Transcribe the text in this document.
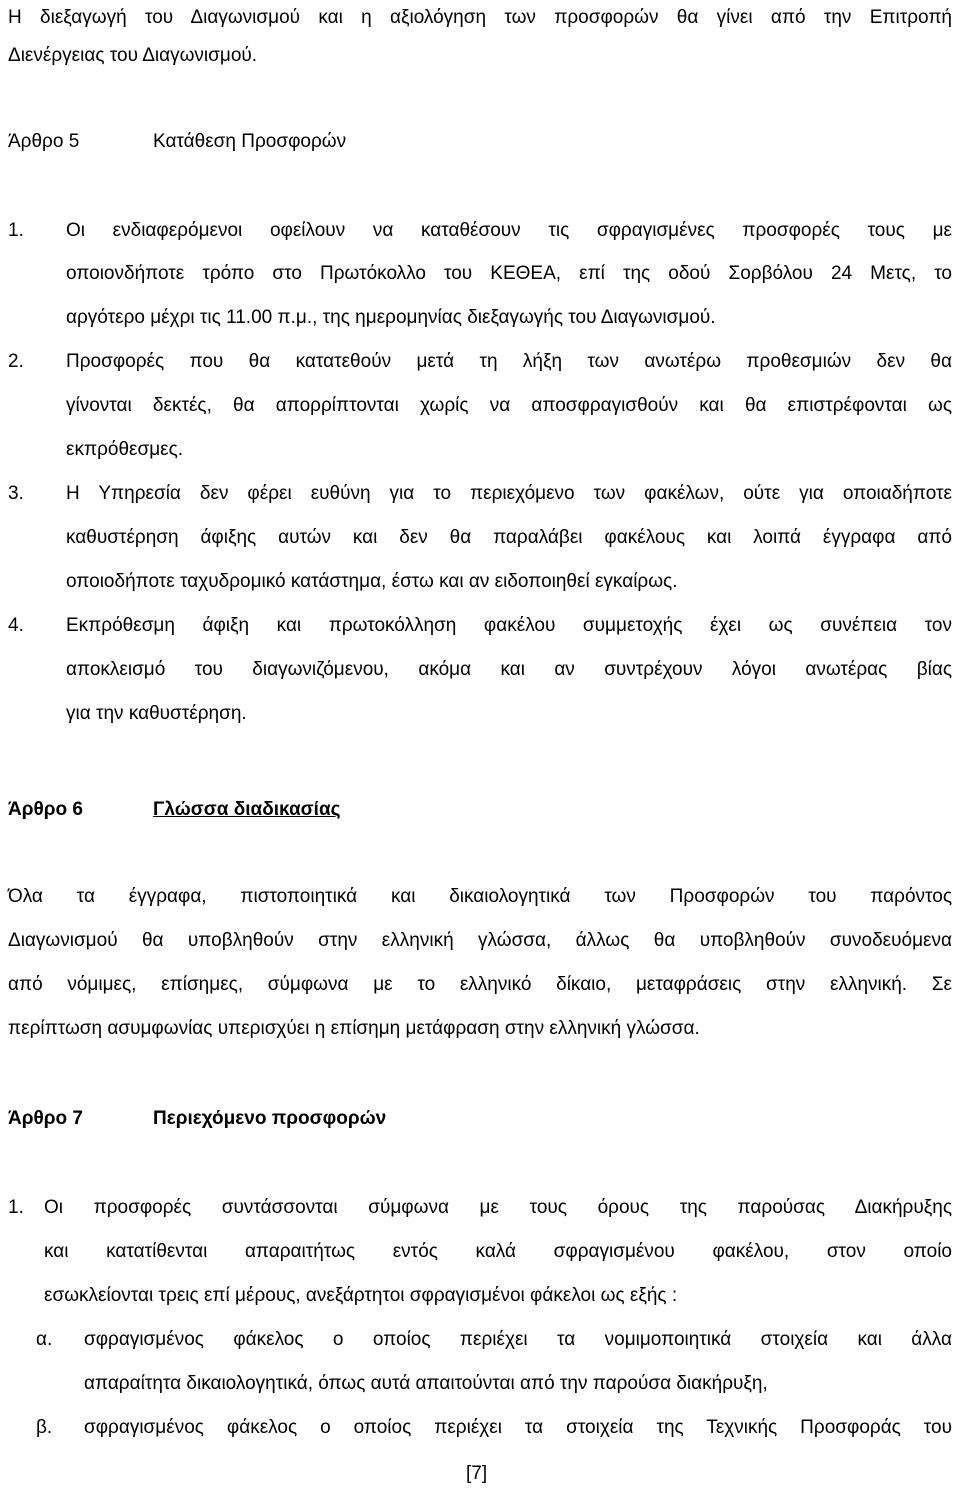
Η διεξαγωγή του Διαγωνισμού και η αξιολόγηση των προσφορών θα γίνει από την Επιτροπή
Διενέργειας του Διαγωνισμού.
Άρθρο 5	Κατάθεση Προσφορών
1. Οι ενδιαφερόμενοι οφείλουν να καταθέσουν τις σφραγισμένες προσφορές τους με
οποιονδήποτε τρόπο στο Πρωτόκολλο του ΚΕΘΕΑ, επί της οδού Σορβόλου 24 Μετς, το
αργότερο μέχρι τις 11.00 π.μ., της ημερομηνίας διεξαγωγής του Διαγωνισμού.
2. Προσφορές που θα κατατεθούν μετά τη λήξη των ανωτέρω προθεσμιών δεν θα
γίνονται δεκτές, θα απορρίπτονται χωρίς να αποσφραγισθούν και θα επιστρέφονται ως
εκπρόθεσμες.
3. Η Υπηρεσία δεν φέρει ευθύνη για το περιεχόμενο των φακέλων, ούτε για οποιαδήποτε
καθυστέρηση άφιξης αυτών και δεν θα παραλάβει φακέλους και λοιπά έγγραφα από
οποιοδήποτε ταχυδρομικό κατάστημα, έστω και αν ειδοποιηθεί εγκαίρως.
4. Εκπρόθεσμη άφιξη και πρωτοκόλληση φακέλου συμμετοχής έχει ως συνέπεια τον
αποκλεισμό του διαγωνιζόμενου, ακόμα και αν συντρέχουν λόγοι ανωτέρας βίας
για την καθυστέρηση.
Άρθρο 6	Γλώσσα διαδικασίας
Όλα τα έγγραφα, πιστοποιητικά και δικαιολογητικά των Προσφορών του παρόντος
Διαγωνισμού θα υποβληθούν στην ελληνική γλώσσα, άλλως θα υποβληθούν συνοδευόμενα
από νόμιμες, επίσημες, σύμφωνα με το ελληνικό δίκαιο, μεταφράσεις στην ελληνική. Σε
περίπτωση ασυμφωνίας υπερισχύει η επίσημη μετάφραση στην ελληνική γλώσσα.
Άρθρο 7	Περιεχόμενο προσφορών
1. Οι προσφορές συντάσσονται σύμφωνα με τους όρους της παρούσας Διακήρυξης
και κατατίθενται απαραιτήτως εντός καλά σφραγισμένου φακέλου, στον οποίο
εσωκλείονται τρεις επί μέρους, ανεξάρτητοι σφραγισμένοι φάκελοι ως εξής :
α. σφραγισμένος φάκελος ο οποίος περιέχει τα νομιμοποιητικά στοιχεία και άλλα
απαραίτητα δικαιολογητικά, όπως αυτά απαιτούνται από την παρούσα διακήρυξη,
β. σφραγισμένος φάκελος ο οποίος περιέχει τα στοιχεία της Τεχνικής Προσφοράς του
[7]
